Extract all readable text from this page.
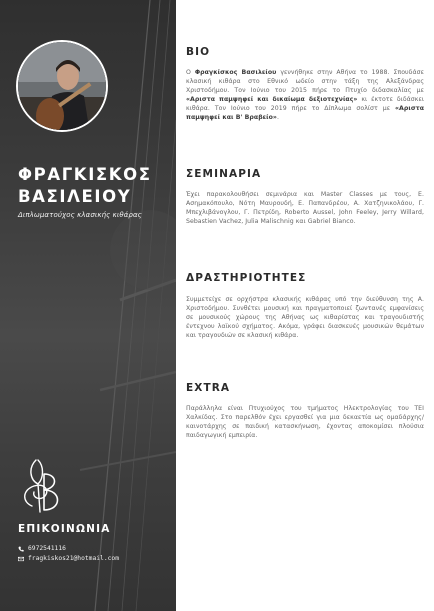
ΦΡΑΓΚΙΣΚΟΣ
ΒΑΣΙΛΕΙΟΥ
Διπλωματούχος κλασικής κιθάρας
ΕΠΙΚΟΙΝΩΝΙΑ
6972541116
fragkiskos21@hotmail.com
BIO
Ο Φραγκίσκος Βασιλείου γεννήθηκε στην Αθήνα το 1988. Σπουδάσε κλασική κιθάρα στο Εθνικό ωδείο στην τάξη της Αλεξάνδρας Χριστοδήμου. Τον Ιούνιο του 2015 πήρε το Πτυχίο διδασκαλίας με «Αριστα παμψηφεί και δικαίωμα δεξιοτεχνίας» κι έκτοτε διδάσκει κιθάρα. Τον Ιούνιο του 2019 πήρε το Δίπλωμα σολίστ με «Αριστα παμψηφεί και Β' Βραβείο».
ΣΕΜΙΝΑΡΙΑ
Έχει παρακολουθήσει σεμινάρια και Master Classes με τους, Ε. Ασημακόπουλο, Νότη Μαυρουδή, Ε. Παπανδρέου, Α. Χατζηνικολάου, Γ. Μπεχλιβάνογλου, Γ. Πετρίδη, Roberto Aussel, John Feeley, Jerry Willard, Sebastien Vachez, Julia Malischnig και Gabriel Bianco.
ΔΡΑΣΤΗΡΙΟΤΗΤΕΣ
Συμμετείχε σε ορχήστρα κλασικής κιθάρας υπό την διεύθυνση της Α. Χριστοδήμου. Συνθέτει μουσική και πραγματοποιεί ζωντανές εμφανίσεις σε μουσικούς χώρους της Αθήνας ως κιθαρίστας και τραγουδιστής έντεχνου λαϊκού σχήματος. Ακόμα, γράφει διασκευές μουσικών θεμάτων και τραγουδιών σε κλασική κιθάρα.
EXTRA
Παράλληλα είναι Πτυχιούχος του τμήματος Ηλεκτρολογίας του ΤΕΙ Χαλκίδας. Στο παρελθόν έχει εργασθεί για μια δεκαετία ως ομαδάρχης/καινοτάρχης σε παιδική κατασκήνωση, έχοντας αποκομίσει πλούσια παιδαγωγική εμπειρία.
